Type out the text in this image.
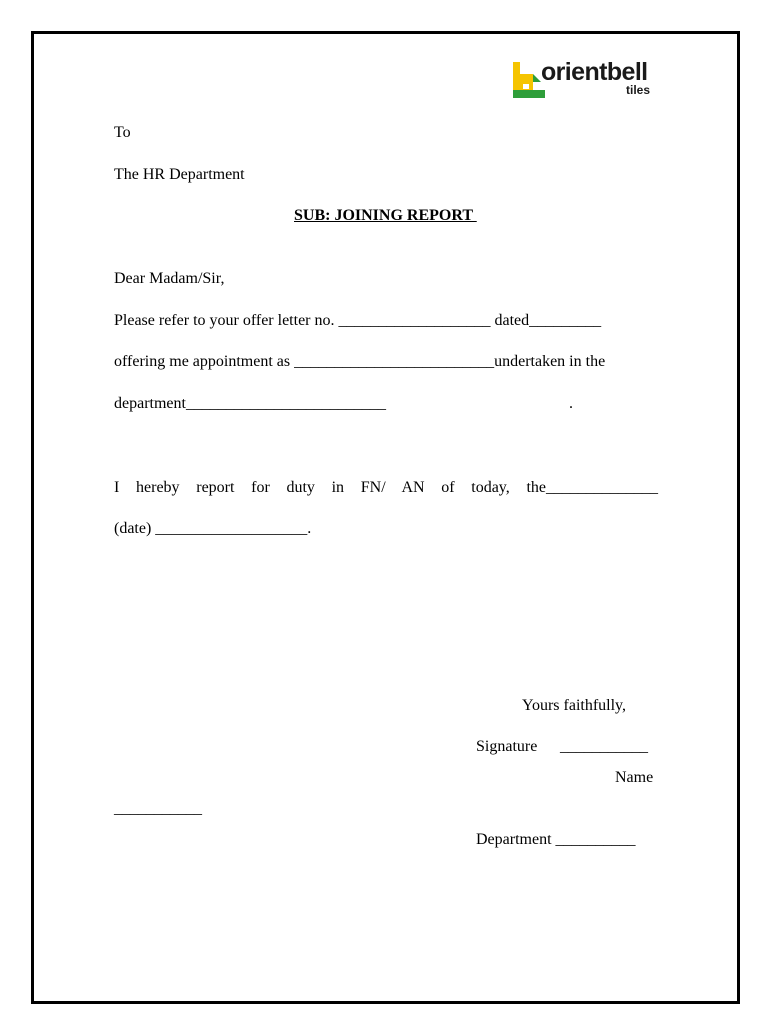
orientbell
tiles
To
The HR Department
SUB: JOINING REPORT
Dear Madam/Sir,
Please refer to your offer letter no. ___________________ dated_________
offering me appointment as _________________________undertaken in the
department_________________________	.
I hereby report for duty in FN/ AN of today, the______________
(date) ___________________.
Yours faithfully,
Signature ___________
Name
___________
Department __________
